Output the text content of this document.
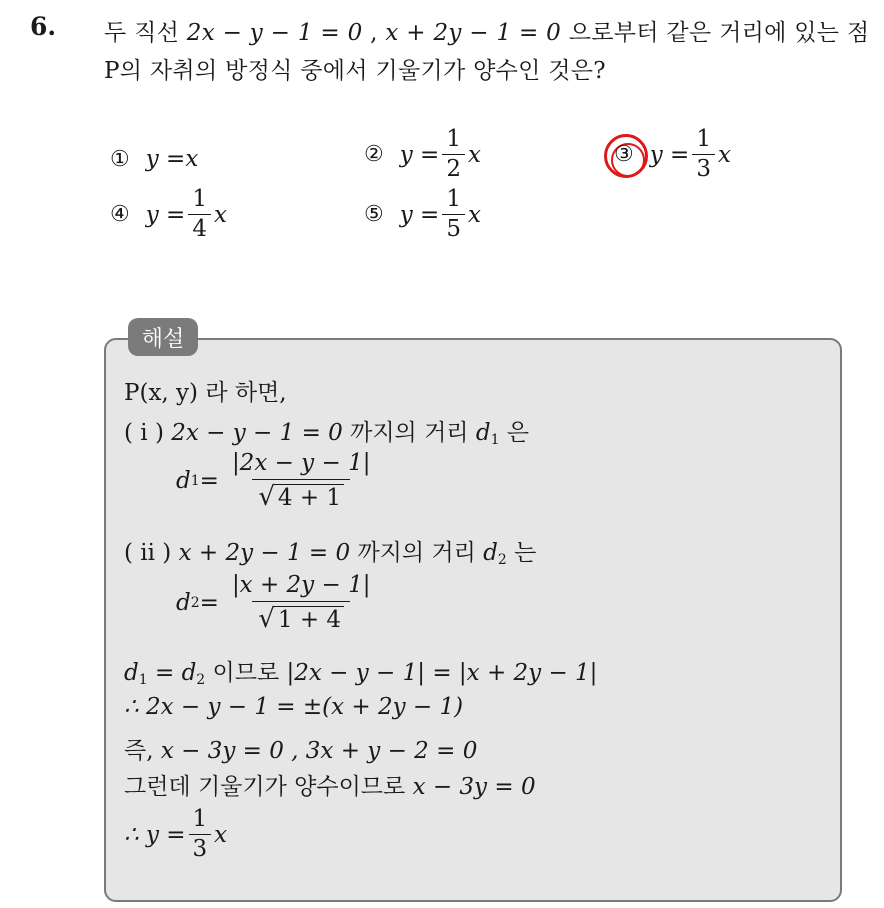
6. 두 직선 2x − y − 1 = 0 , x + 2y − 1 = 0 으로부터 같은 거리에 있는 점
P의 자취의 방정식 중에서 기울기가 양수인 것은?
① y = x	② $y = \frac{1}{2}$ x	③ $y = \frac{1}{3}$ x
④ $y = \frac{1}{4}$ x	⑤ $y = \frac{1}{5}$ x
해설
P(x, y) 라 하면,
( i ) 2x − y − 1 = 0 까지의 거리 $d_1$ 은
d $1 = \frac{|2x - y - 1|}{√ 4 + 1}$
( ii ) x + 2y − 1 = 0 까지의 거리 $d_2$ 는
d $2 = \frac{|x + 2y - 1|}{√ 1 + 4}$
$d_1 = d_2$ 이므로 |2x − y − 1| = |x + 2y − 1|
∴ 2x − y − 1 = ±(x + 2y − 1)
즉, x − 3y = 0 , 3x + y − 2 = 0
그런데 기울기가 양수이므로 x − 3y = 0
∴ $y = \frac{1}{3}$ x
